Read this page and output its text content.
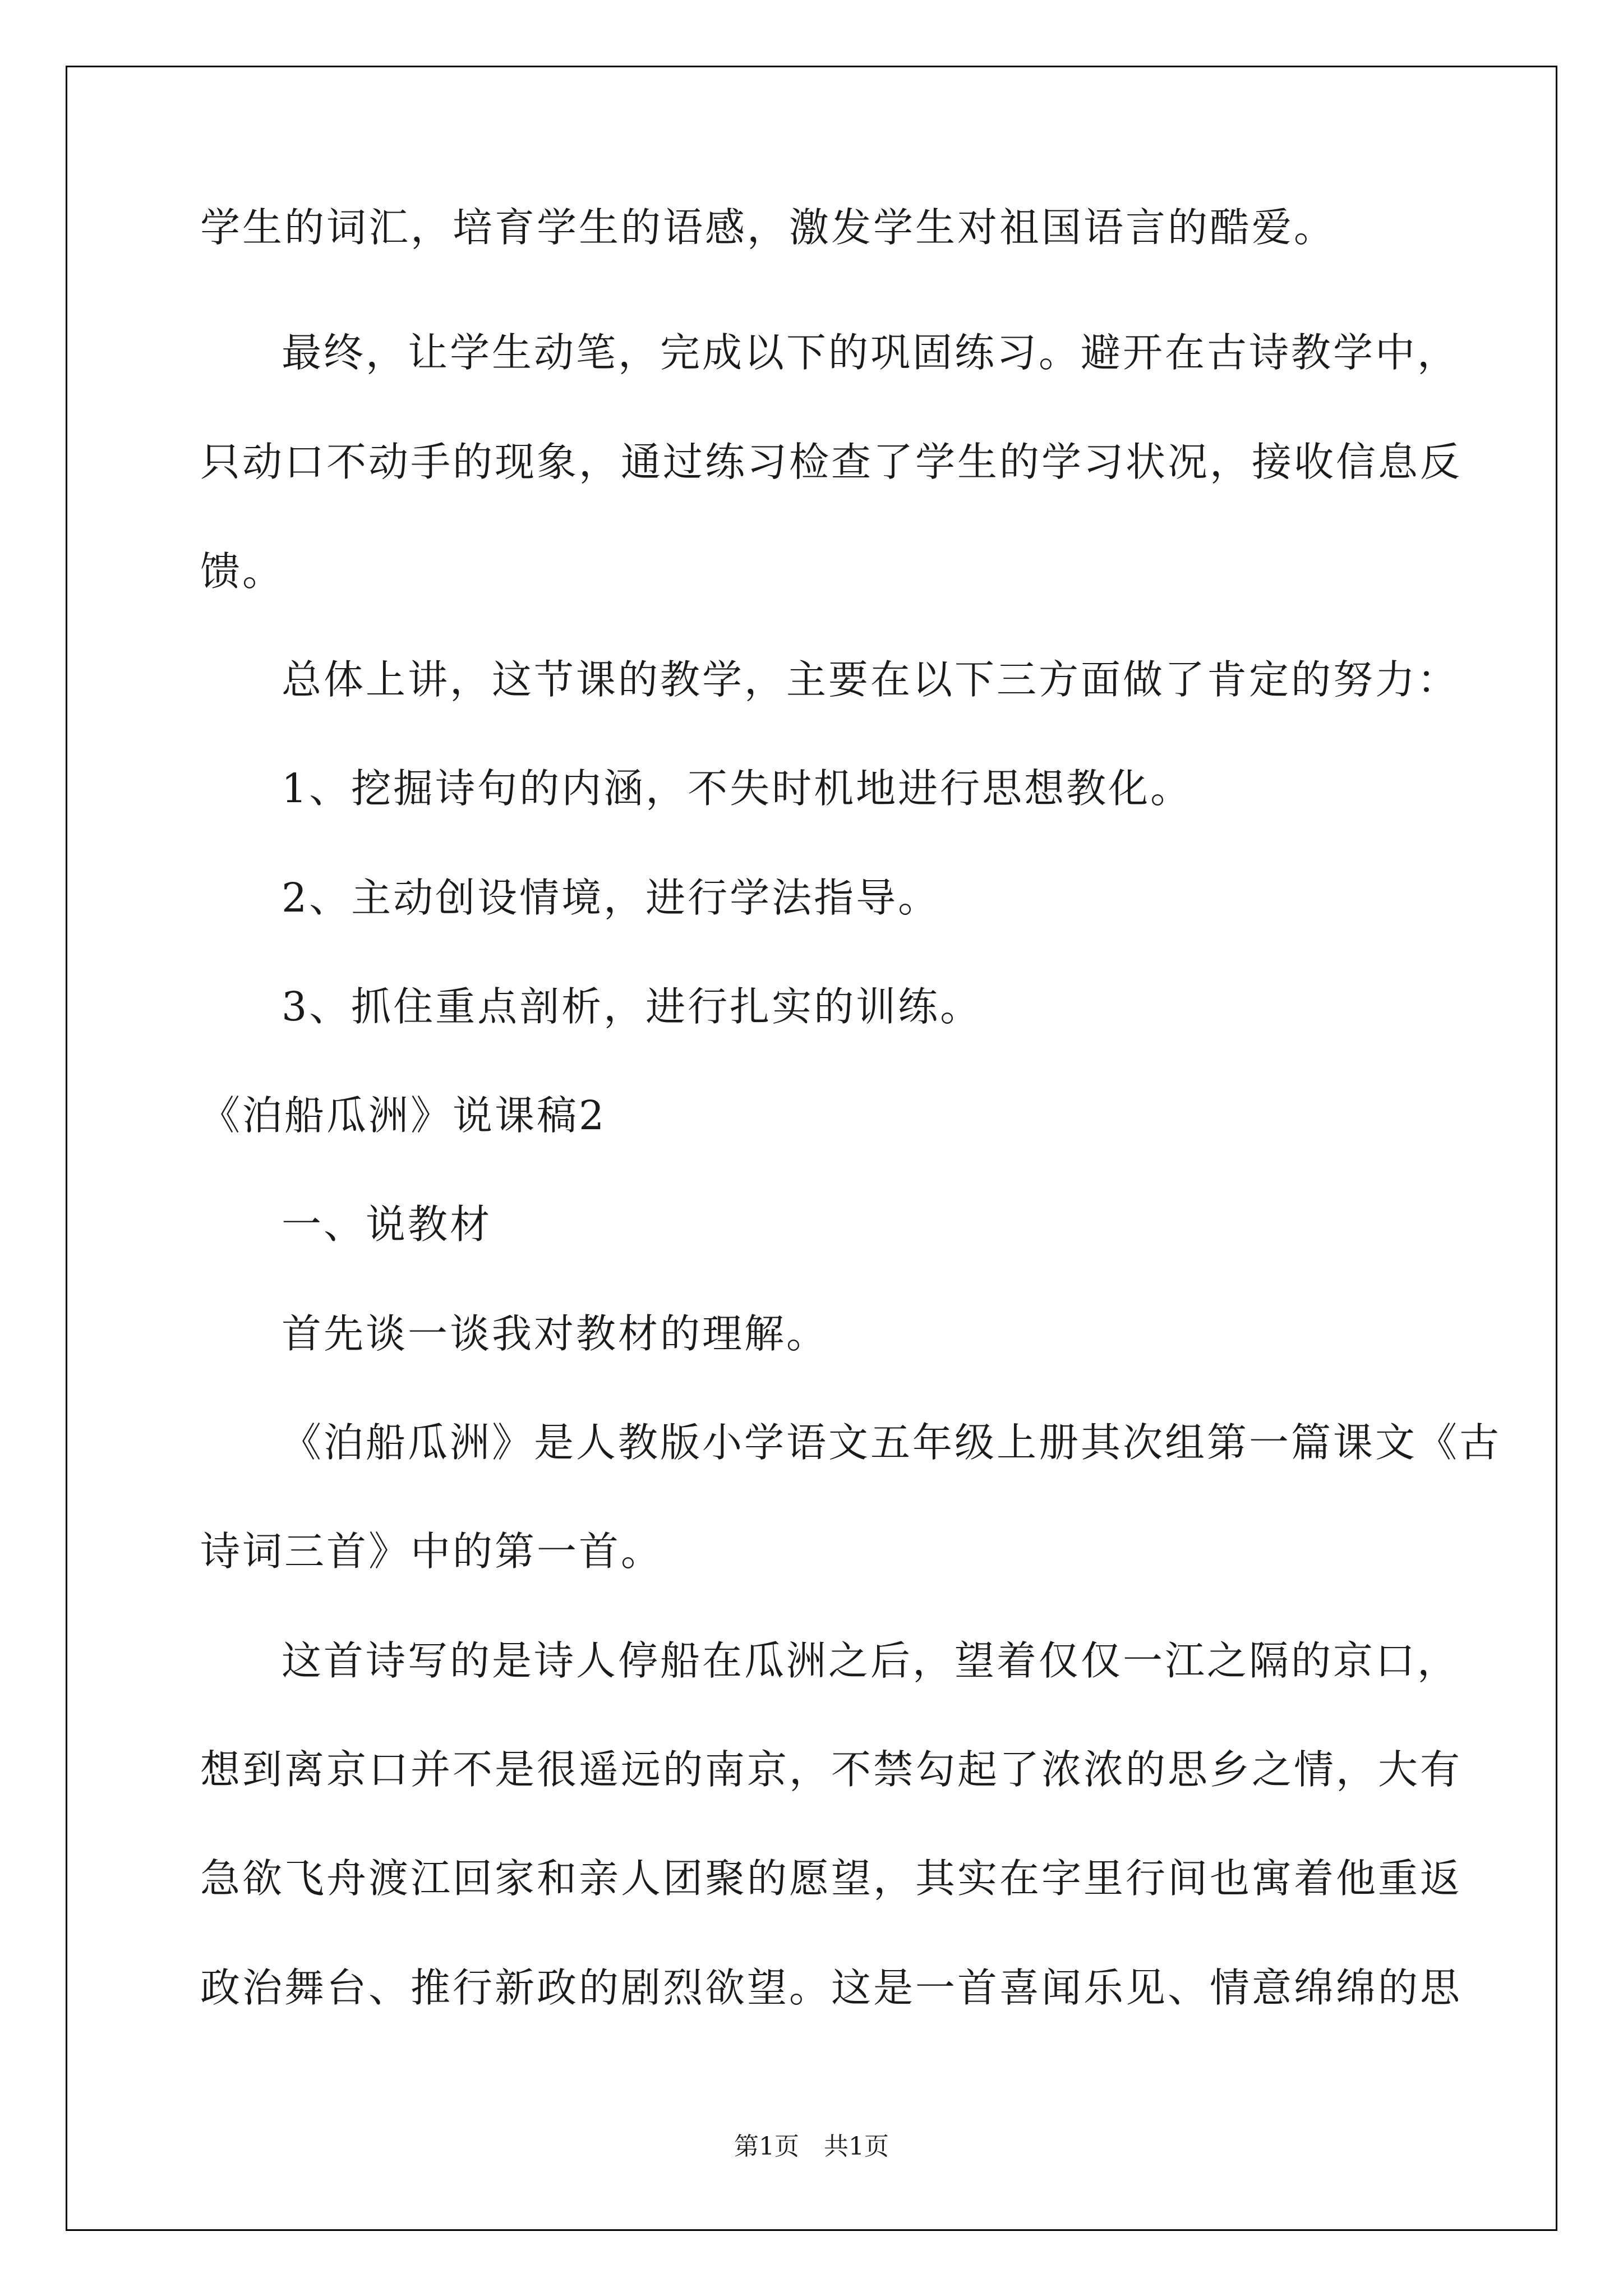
学生的词汇，培育学生的语感，激发学生对祖国语言的酷爱。
最终，让学生动笔，完成以下的巩固练习。避开在古诗教学中，
只动口不动手的现象，通过练习检查了学生的学习状况，接收信息反
馈。
总体上讲，这节课的教学，主要在以下三方面做了肯定的努力：
1、挖掘诗句的内涵，不失时机地进行思想教化。
2、主动创设情境，进行学法指导。
3、抓住重点剖析，进行扎实的训练。
《泊船瓜洲》说课稿2
一、说教材
首先谈一谈我对教材的理解。
《泊船瓜洲》是人教版小学语文五年级上册其次组第一篇课文《古
诗词三首》中的第一首。
这首诗写的是诗人停船在瓜洲之后，望着仅仅一江之隔的京口，
想到离京口并不是很遥远的南京，不禁勾起了浓浓的思乡之情，大有
急欲飞舟渡江回家和亲人团聚的愿望，其实在字里行间也寓着他重返
政治舞台、推行新政的剧烈欲望。这是一首喜闻乐见、情意绵绵的思
第1页　共1页
